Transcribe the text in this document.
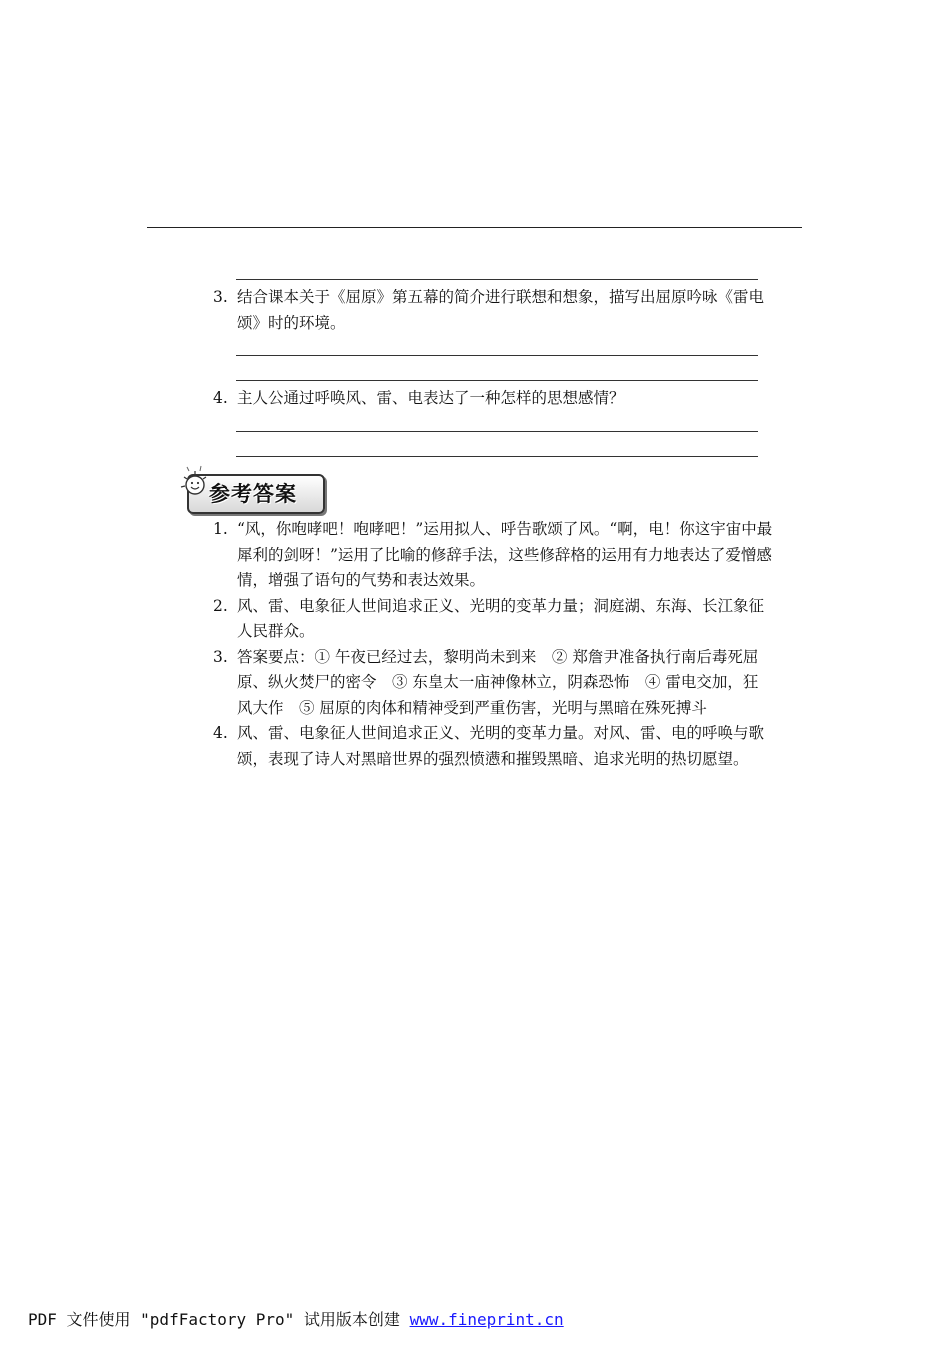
3. 结合课本关于《屈原》第五幕的简介进行联想和想象，描写出屈原吟咏《雷电颂》时的环境。
4. 主人公通过呼唤风、雷、电表达了一种怎样的思想感情？
参考答案
1. “风，你咆哮吧！咆哮吧！”运用拟人、呼告歌颂了风。“啊，电！你这宇宙中最犀利的剑呀！”运用了比喻的修辞手法，这些修辞格的运用有力地表达了爱憎感情，增强了语句的气势和表达效果。
2. 风、雷、电象征人世间追求正义、光明的变革力量；洞庭湖、东海、长江象征人民群众。
3. 答案要点：① 午夜已经过去，黎明尚未到来　② 郑詹尹准备执行南后毒死屈原、纵火焚尸的密令　③ 东皇太一庙神像林立，阴森恐怖　④ 雷电交加，狂风大作　⑤ 屈原的肉体和精神受到严重伤害，光明与黑暗在殊死搏斗
4. 风、雷、电象征人世间追求正义、光明的变革力量。对风、雷、电的呼唤与歌颂，表现了诗人对黑暗世界的强烈愤懑和摧毁黑暗、追求光明的热切愿望。
PDF 文件使用 "pdfFactory Pro" 试用版本创建 www.fineprint.cn
